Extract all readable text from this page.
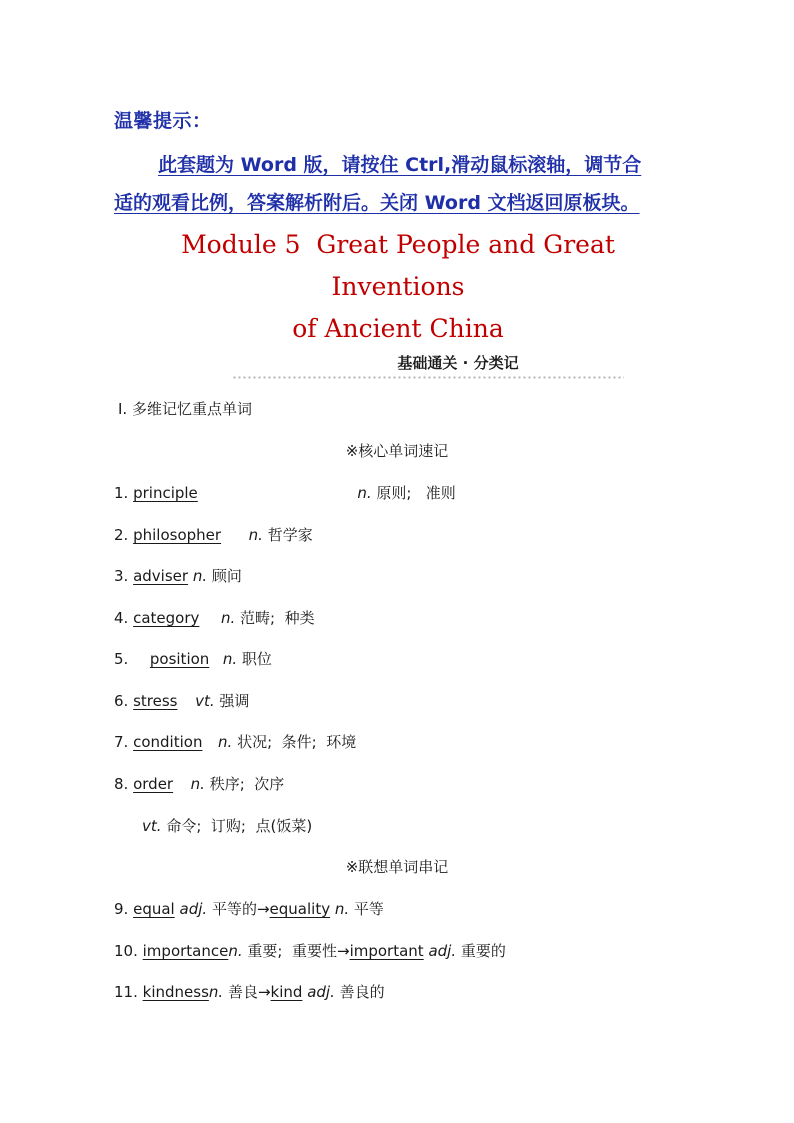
温馨提示：
此套题为 Word 版，请按住 Ctrl,滑动鼠标滚轴，调节合
适的观看比例，答案解析附后。关闭 Word 文档返回原板块。
Module 5  Great People and Great
Inventions
of Ancient China
基础通关 · 分类记
Ⅰ. 多维记忆重点单词
※核心单词速记
1. principle	n. 原则;   准则
2. philosopher n. 哲学家
3. adviser n. 顾问
4. category n. 范畴;  种类
5. position n. 职位
6. stress vt. 强调
7. condition n. 状况;  条件;  环境
8. order n. 秩序;  次序
vt. 命令;  订购;  点(饭菜)
※联想单词串记
9. equal adj. 平等的→equality n. 平等
10. importancen. 重要;  重要性→important adj. 重要的
11. kindnessn. 善良→kind adj. 善良的
